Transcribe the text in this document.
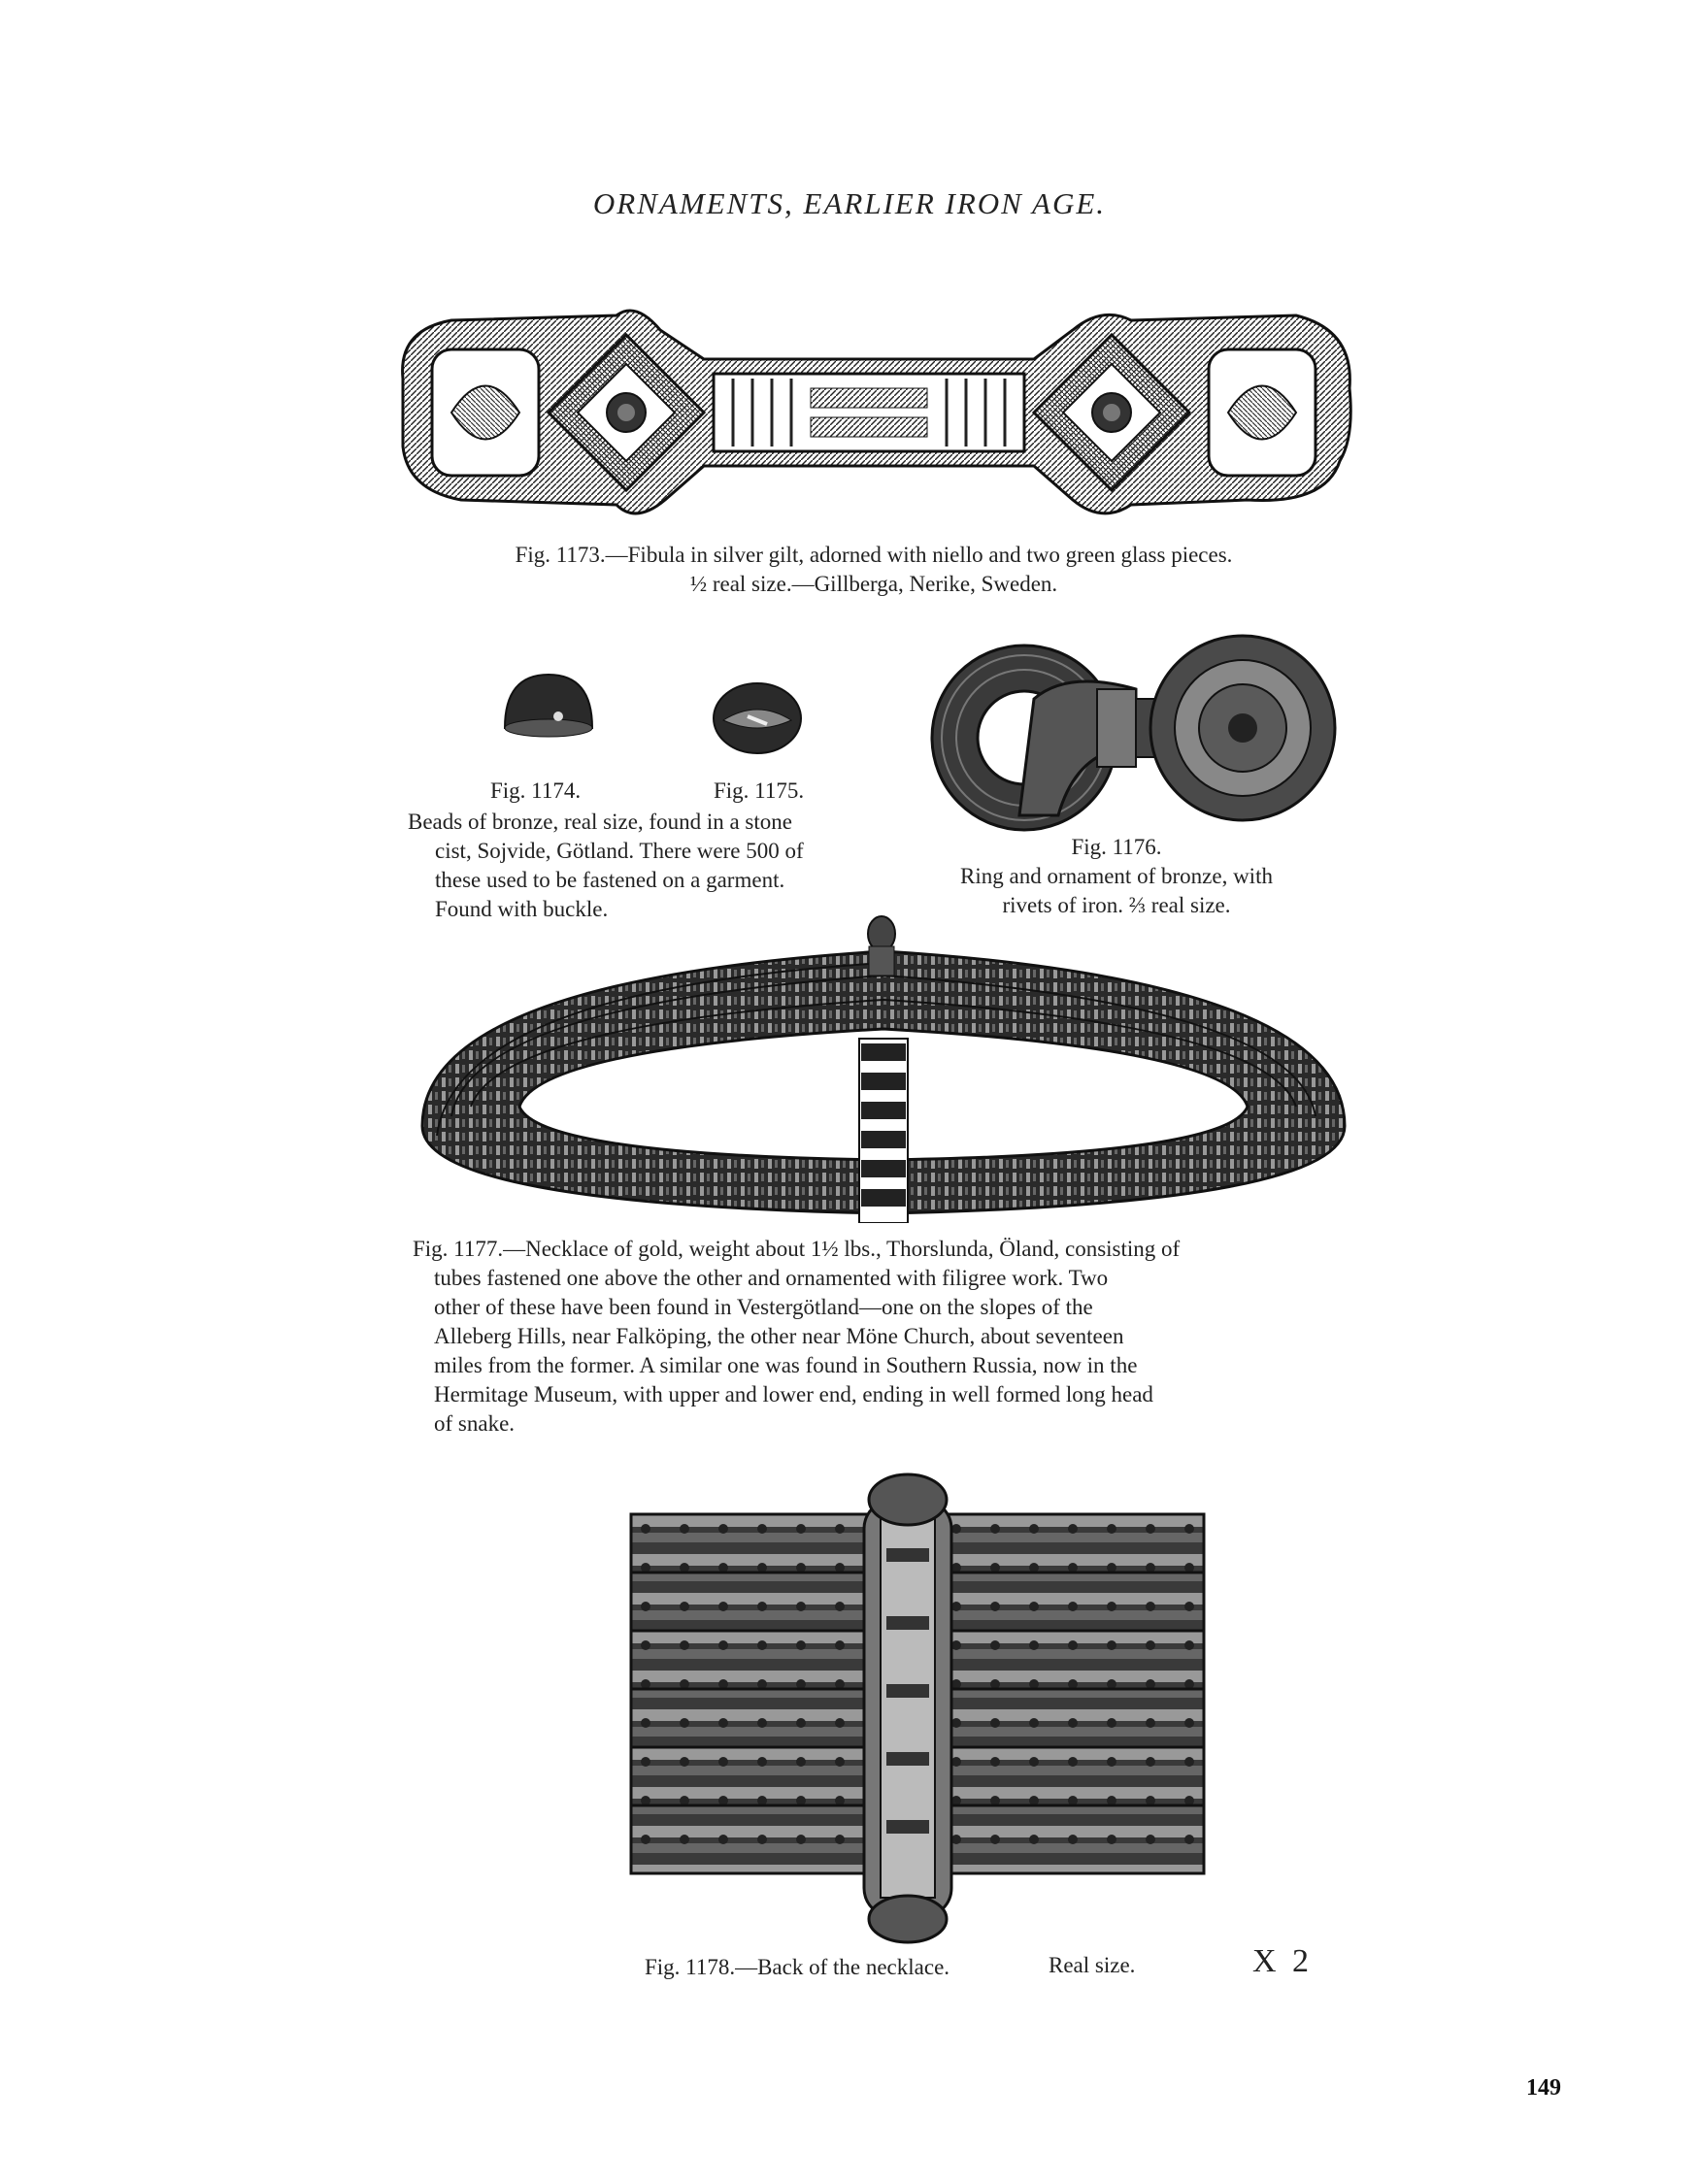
ORNAMENTS, EARLIER IRON AGE.
Fig. 1173.—Fibula in silver gilt, adorned with niello and two green glass pieces.
½ real size.—Gillberga, Nerike, Sweden.
Fig. 1174.	Fig. 1175.
Beads of bronze, real size, found in a stone
cist, Sojvide, Götland. There were 500 of
these used to be fastened on a garment.
Found with buckle.
Fig. 1176.
Ring and ornament of bronze, with
rivets of iron. ⅔ real size.
Fig. 1177.—Necklace of gold, weight about 1½ lbs., Thorslunda, Öland, consisting of
tubes fastened one above the other and ornamented with filigree work. Two
other of these have been found in Vestergötland—one on the slopes of the
Alleberg Hills, near Falköping, the other near Möne Church, about seventeen
miles from the former. A similar one was found in Southern Russia, now in the
Hermitage Museum, with upper and lower end, ending in well formed long head
of snake.
Fig. 1178.—Back of the necklace.	Real size.	X 2
149
